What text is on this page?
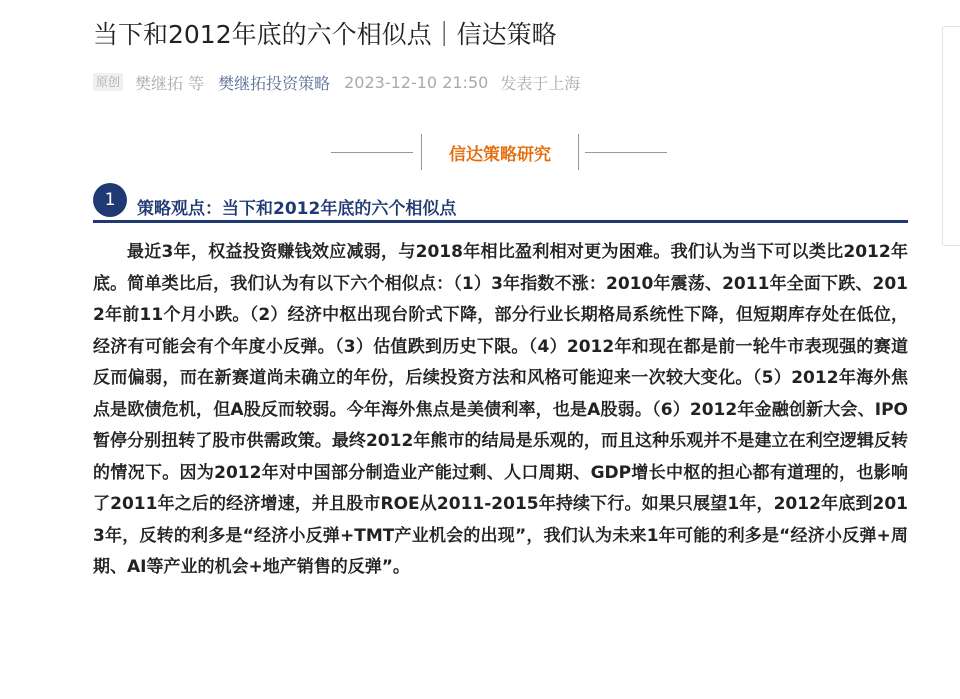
当下和2012年底的六个相似点｜信达策略
原创 樊继拓 等 樊继拓投资策略 2023-12-10 21:50 发表于上海
信达策略研究
1	策略观点：当下和2012年底的六个相似点

最近3年，权益投资赚钱效应减弱，与2018年相比盈利相对更为困难。我们认为当下可以类比2012年底。简单类比后，我们认为有以下六个相似点：（1）3年指数不涨：2010年震荡、2011年全面下跌、2012年前11个月小跌。（2）经济中枢出现台阶式下降，部分行业长期格局系统性下降，但短期库存处在低位，经济有可能会有个年度小反弹。（3）估值跌到历史下限。（4）2012年和现在都是前一轮牛市表现强的赛道反而偏弱，而在新赛道尚未确立的年份，后续投资方法和风格可能迎来一次较大变化。（5）2012年海外焦点是欧债危机，但A股反而较弱。今年海外焦点是美债利率，也是A股弱。（6）2012年金融创新大会、IPO暂停分别扭转了股市供需政策。最终2012年熊市的结局是乐观的，而且这种乐观并不是建立在利空逻辑反转的情况下。因为2012年对中国部分制造业产能过剩、人口周期、GDP增长中枢的担心都有道理的，也影响了2011年之后的经济增速，并且股市ROE从2011-2015年持续下行。如果只展望1年，2012年底到2013年，反转的利多是“经济小反弹+TMT产业机会的出现”，我们认为未来1年可能的利多是“经济小反弹+周期、AI等产业的机会+地产销售的反弹”。
